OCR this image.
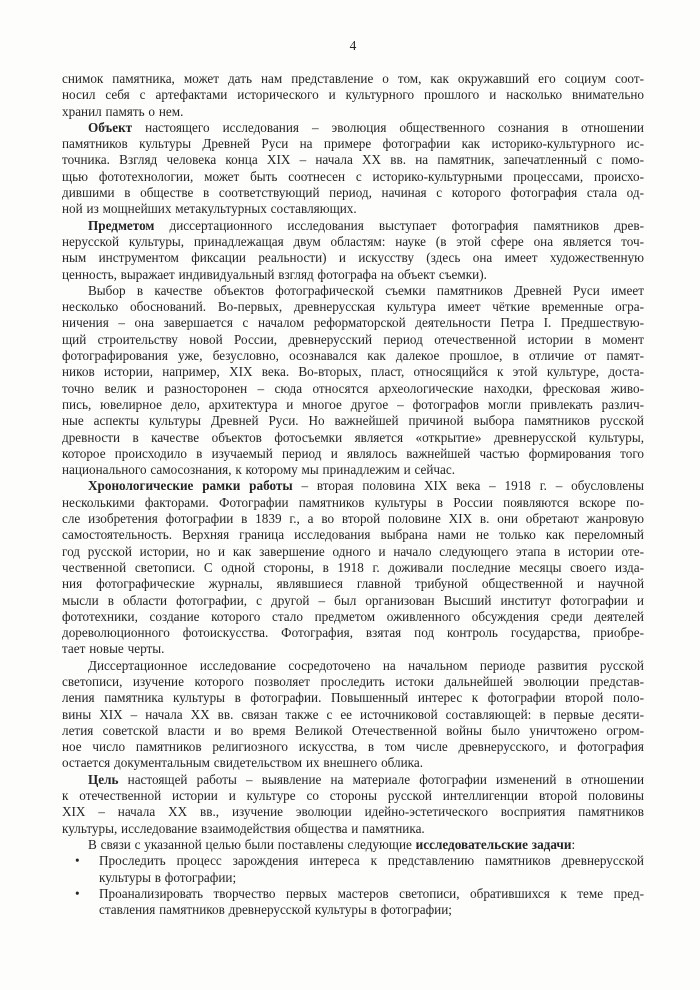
4
снимок памятника, может дать нам представление о том, как окружавший его социум соот-
носил себя с артефактами исторического и культурного прошлого и насколько внимательно
хранил память о нем.
Объект настоящего исследования – эволюция общественного сознания в отношении
памятников культуры Древней Руси на примере фотографии как историко-культурного ис-
точника. Взгляд человека конца XIX – начала XX вв. на памятник, запечатленный с помо-
щью фототехнологии, может быть соотнесен с историко-культурными процессами, происхо-
дившими в обществе в соответствующий период, начиная с которого фотография стала од-
ной из мощнейших метакультурных составляющих.
Предметом диссертационного исследования выступает фотография памятников древ-
нерусской культуры, принадлежащая двум областям: науке (в этой сфере она является точ-
ным инструментом фиксации реальности) и искусству (здесь она имеет художественную
ценность, выражает индивидуальный взгляд фотографа на объект съемки).
Выбор в качестве объектов фотографической съемки памятников Древней Руси имеет
несколько обоснований. Во-первых, древнерусская культура имеет чёткие временные огра-
ничения – она завершается с началом реформаторской деятельности Петра I. Предшествую-
щий строительству новой России, древнерусский период отечественной истории в момент
фотографирования уже, безусловно, осознавался как далекое прошлое, в отличие от памят-
ников истории, например, XIX века. Во-вторых, пласт, относящийся к этой культуре, доста-
точно велик и разносторонен – сюда относятся археологические находки, фресковая живо-
пись, ювелирное дело, архитектура и многое другое – фотографов могли привлекать различ-
ные аспекты культуры Древней Руси. Но важнейшей причиной выбора памятников русской
древности в качестве объектов фотосъемки является «открытие» древнерусской культуры,
которое происходило в изучаемый период и являлось важнейшей частью формирования того
национального самосознания, к которому мы принадлежим и сейчас.
Хронологические рамки работы – вторая половина XIX века – 1918 г. – обусловлены
несколькими факторами. Фотографии памятников культуры в России появляются вскоре по-
сле изобретения фотографии в 1839 г., а во второй половине XIX в. они обретают жанровую
самостоятельность. Верхняя граница исследования выбрана нами не только как переломный
год русской истории, но и как завершение одного и начало следующего этапа в истории оте-
чественной светописи. С одной стороны, в 1918 г. доживали последние месяцы своего изда-
ния фотографические журналы, являвшиеся главной трибуной общественной и научной
мысли в области фотографии, с другой – был организован Высший институт фотографии и
фототехники, создание которого стало предметом оживленного обсуждения среди деятелей
дореволюционного фотоискусства. Фотография, взятая под контроль государства, приобре-
тает новые черты.
Диссертационное исследование сосредоточено на начальном периоде развития русской
светописи, изучение которого позволяет проследить истоки дальнейшей эволюции представ-
ления памятника культуры в фотографии. Повышенный интерес к фотографии второй поло-
вины XIX – начала XX вв. связан также с ее источниковой составляющей: в первые десяти-
летия советской власти и во время Великой Отечественной войны было уничтожено огром-
ное число памятников религиозного искусства, в том числе древнерусского, и фотография
остается документальным свидетельством их внешнего облика.
Цель настоящей работы – выявление на материале фотографии изменений в отношении
к отечественной истории и культуре со стороны русской интеллигенции второй половины
XIX – начала XX вв., изучение эволюции идейно-эстетического восприятия памятников
культуры, исследование взаимодействия общества и памятника.
В связи с указанной целью были поставлены следующие исследовательские задачи:
• Проследить процесс зарождения интереса к представлению памятников древнерусской
культуры в фотографии;
• Проанализировать творчество первых мастеров светописи, обратившихся к теме пред-
ставления памятников древнерусской культуры в фотографии;
